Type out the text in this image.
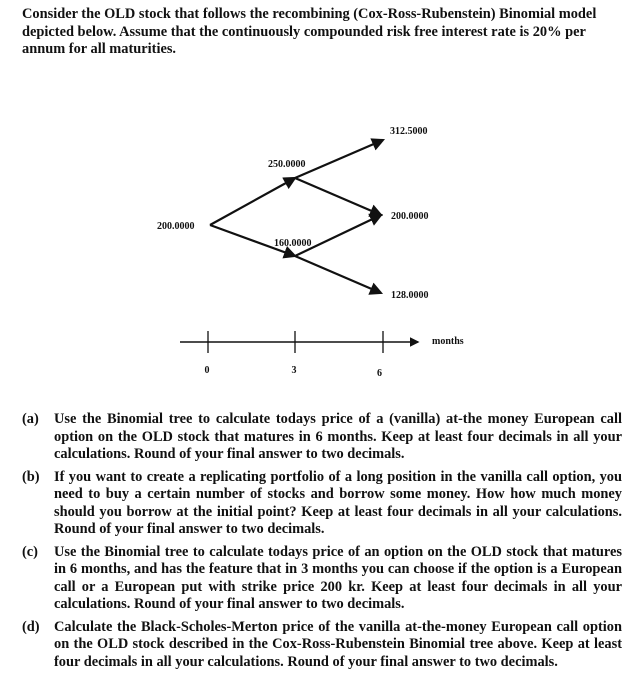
Consider the OLD stock that follows the recombining (Cox-Ross-Rubenstein) Binomial model depicted below. Assume that the continuously compounded risk free interest rate is 20% per annum for all maturities.
200.0000
250.0000
160.0000
312.5000
200.0000
128.0000
0	3	6
months
(a) Use the Binomial tree to calculate todays price of a (vanilla) at-the money European call option on the OLD stock that matures in 6 months. Keep at least four decimals in all your calculations. Round of your final answer to two decimals.
(b) If you want to create a replicating portfolio of a long position in the vanilla call option, you need to buy a certain number of stocks and borrow some money. How how much money should you borrow at the initial point? Keep at least four decimals in all your calculations. Round of your final answer to two decimals.
(c) Use the Binomial tree to calculate todays price of an option on the OLD stock that matures in 6 months, and has the feature that in 3 months you can choose if the option is a European call or a European put with strike price 200 kr. Keep at least four decimals in all your calculations. Round of your final answer to two decimals.
(d) Calculate the Black-Scholes-Merton price of the vanilla at-the-money European call option on the OLD stock described in the Cox-Ross-Rubenstein Binomial tree above. Keep at least four decimals in all your calculations. Round of your final answer to two decimals.
